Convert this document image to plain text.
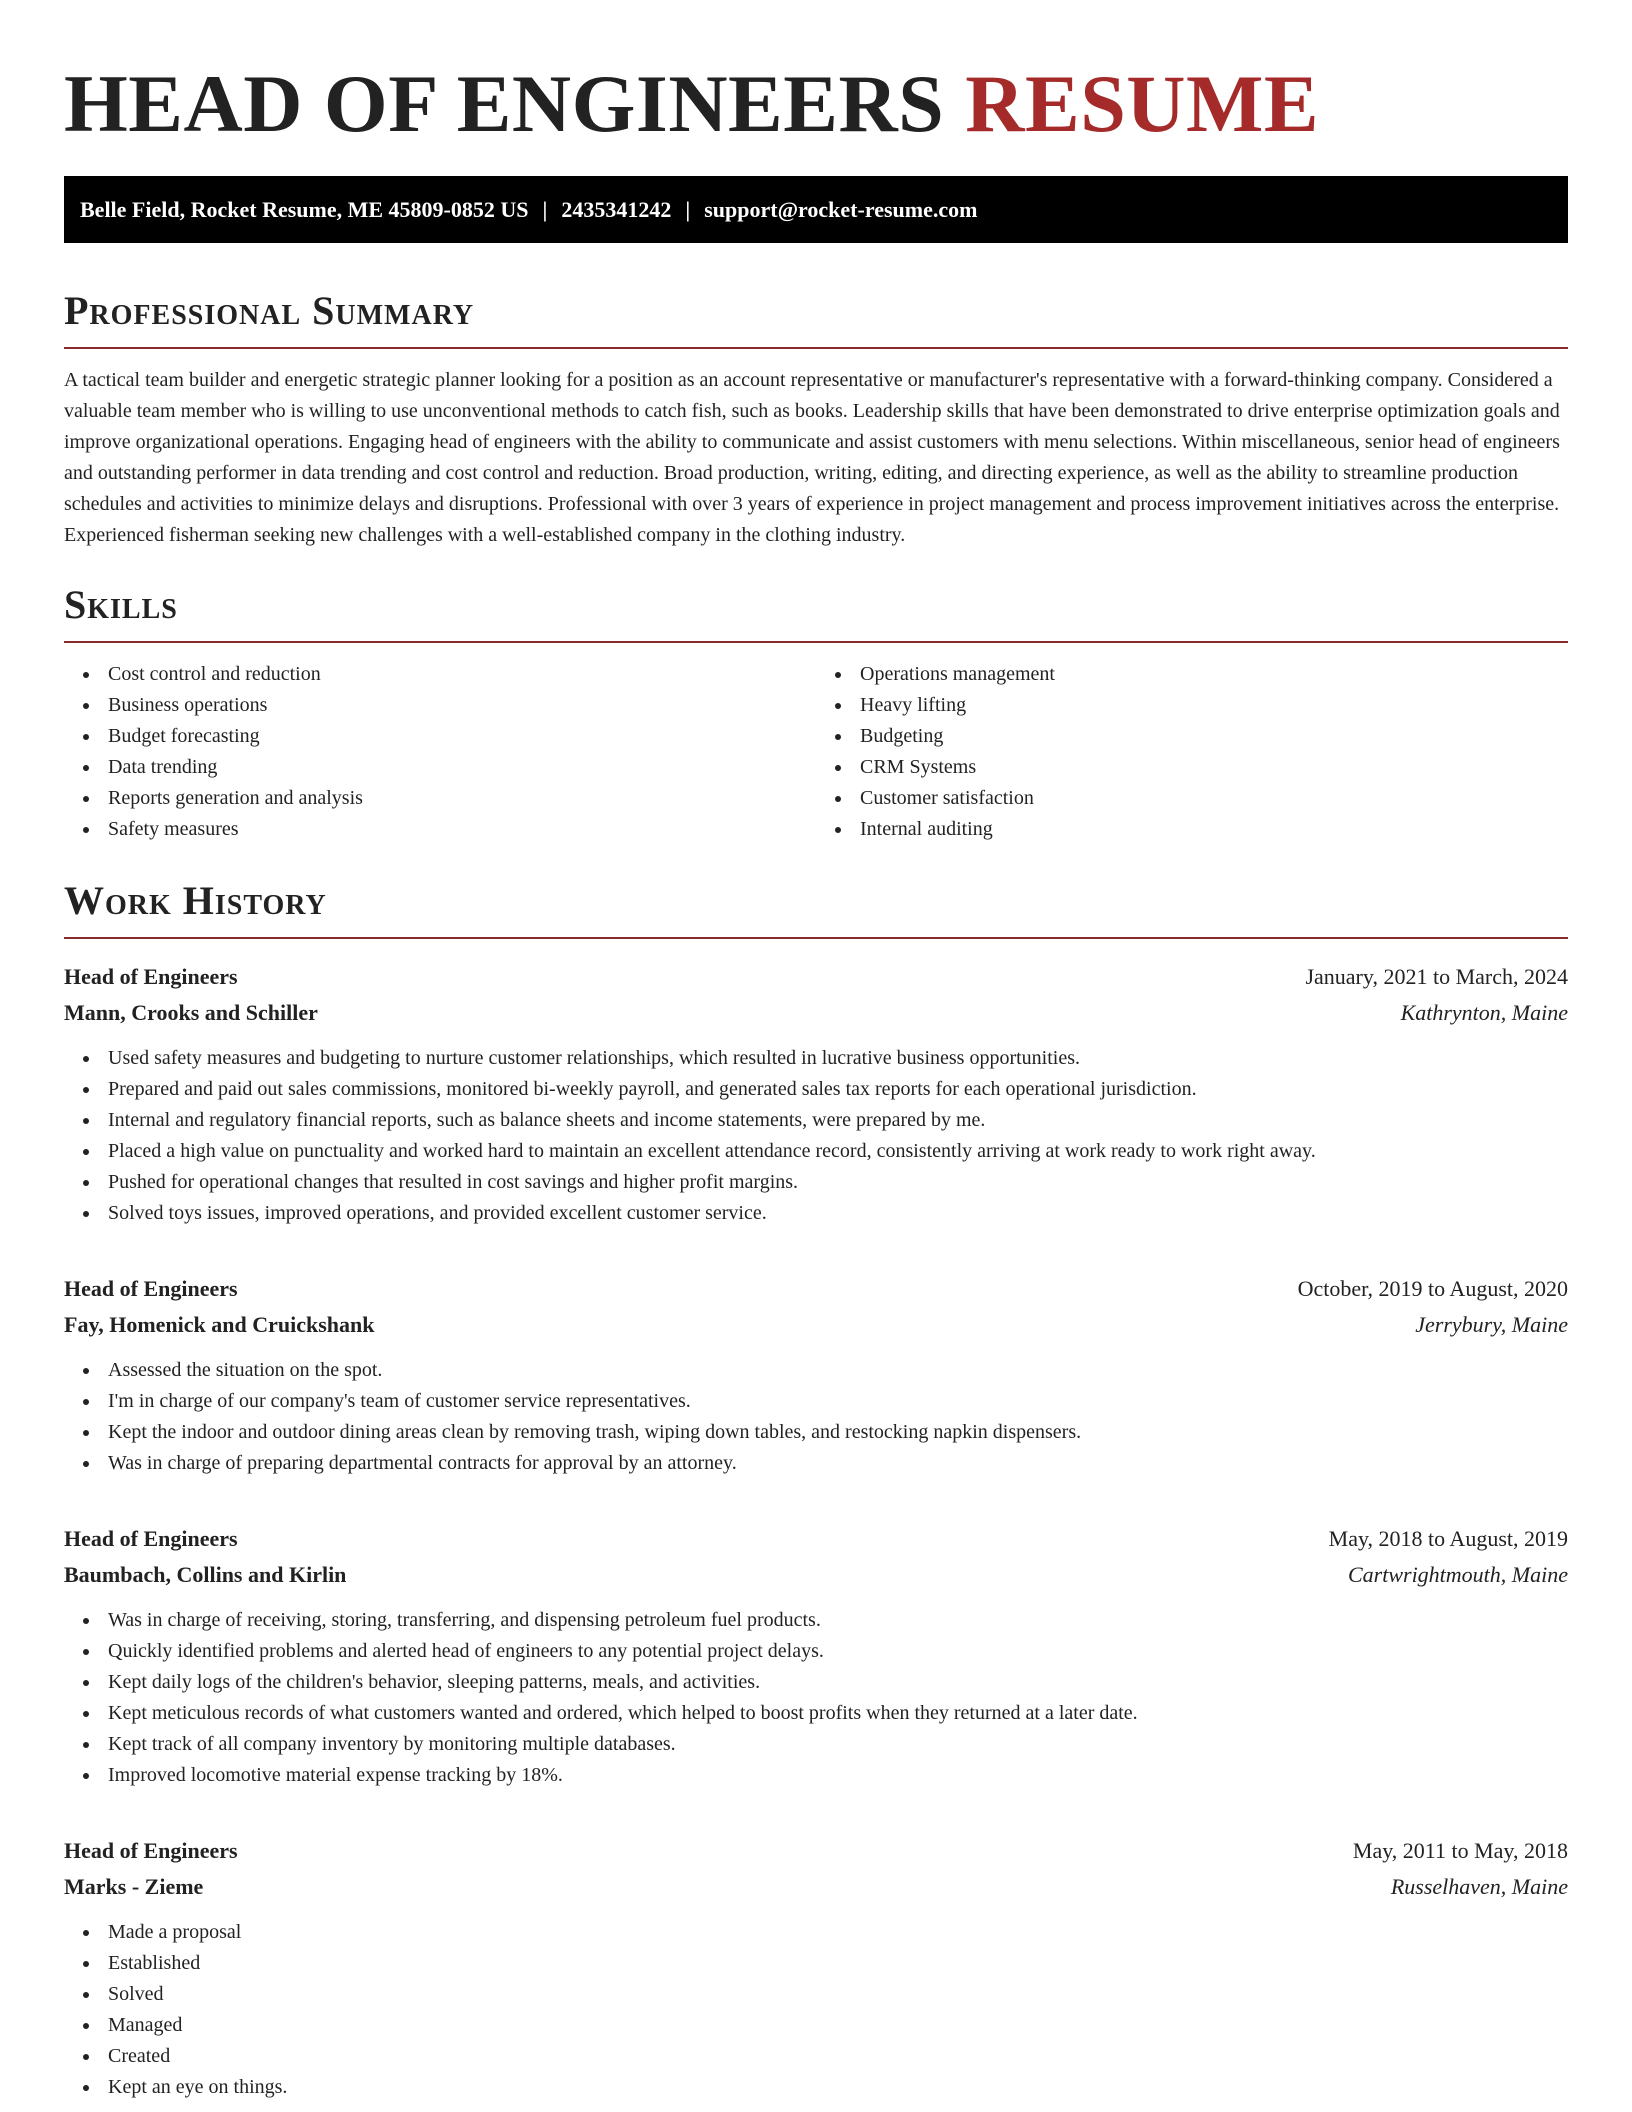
HEAD OF ENGINEERS RESUME
Belle Field, Rocket Resume, ME 45809-0852 US | 2435341242 | support@rocket-resume.com
Professional Summary

A tactical team builder and energetic strategic planner looking for a position as an account representative or manufacturer's representative with a forward-thinking company. Considered a valuable team member who is willing to use unconventional methods to catch fish, such as books. Leadership skills that have been demonstrated to drive enterprise optimization goals and improve organizational operations. Engaging head of engineers with the ability to communicate and assist customers with menu selections. Within miscellaneous, senior head of engineers and outstanding performer in data trending and cost control and reduction. Broad production, writing, editing, and directing experience, as well as the ability to streamline production schedules and activities to minimize delays and disruptions. Professional with over 3 years of experience in project management and process improvement initiatives across the enterprise. Experienced fisherman seeking new challenges with a well-established company in the clothing industry.

Skills
Cost control and reduction
Business operations
Budget forecasting
Data trending
Reports generation and analysis
Safety measures
Operations management
Heavy lifting
Budgeting
CRM Systems
Customer satisfaction
Internal auditing
Work History
Head of Engineers	January, 2021 to March, 2024
Mann, Crooks and Schiller	Kathrynton, Maine
Used safety measures and budgeting to nurture customer relationships, which resulted in lucrative business opportunities.
Prepared and paid out sales commissions, monitored bi-weekly payroll, and generated sales tax reports for each operational jurisdiction.
Internal and regulatory financial reports, such as balance sheets and income statements, were prepared by me.
Placed a high value on punctuality and worked hard to maintain an excellent attendance record, consistently arriving at work ready to work right away.
Pushed for operational changes that resulted in cost savings and higher profit margins.
Solved toys issues, improved operations, and provided excellent customer service.
Head of Engineers	October, 2019 to August, 2020
Fay, Homenick and Cruickshank	Jerrybury, Maine
Assessed the situation on the spot.
I'm in charge of our company's team of customer service representatives.
Kept the indoor and outdoor dining areas clean by removing trash, wiping down tables, and restocking napkin dispensers.
Was in charge of preparing departmental contracts for approval by an attorney.
Head of Engineers	May, 2018 to August, 2019
Baumbach, Collins and Kirlin	Cartwrightmouth, Maine
Was in charge of receiving, storing, transferring, and dispensing petroleum fuel products.
Quickly identified problems and alerted head of engineers to any potential project delays.
Kept daily logs of the children's behavior, sleeping patterns, meals, and activities.
Kept meticulous records of what customers wanted and ordered, which helped to boost profits when they returned at a later date.
Kept track of all company inventory by monitoring multiple databases.
Improved locomotive material expense tracking by 18%.
Head of Engineers	May, 2011 to May, 2018
Marks - Zieme	Russelhaven, Maine
Made a proposal
Established
Solved
Managed
Created
Kept an eye on things.
